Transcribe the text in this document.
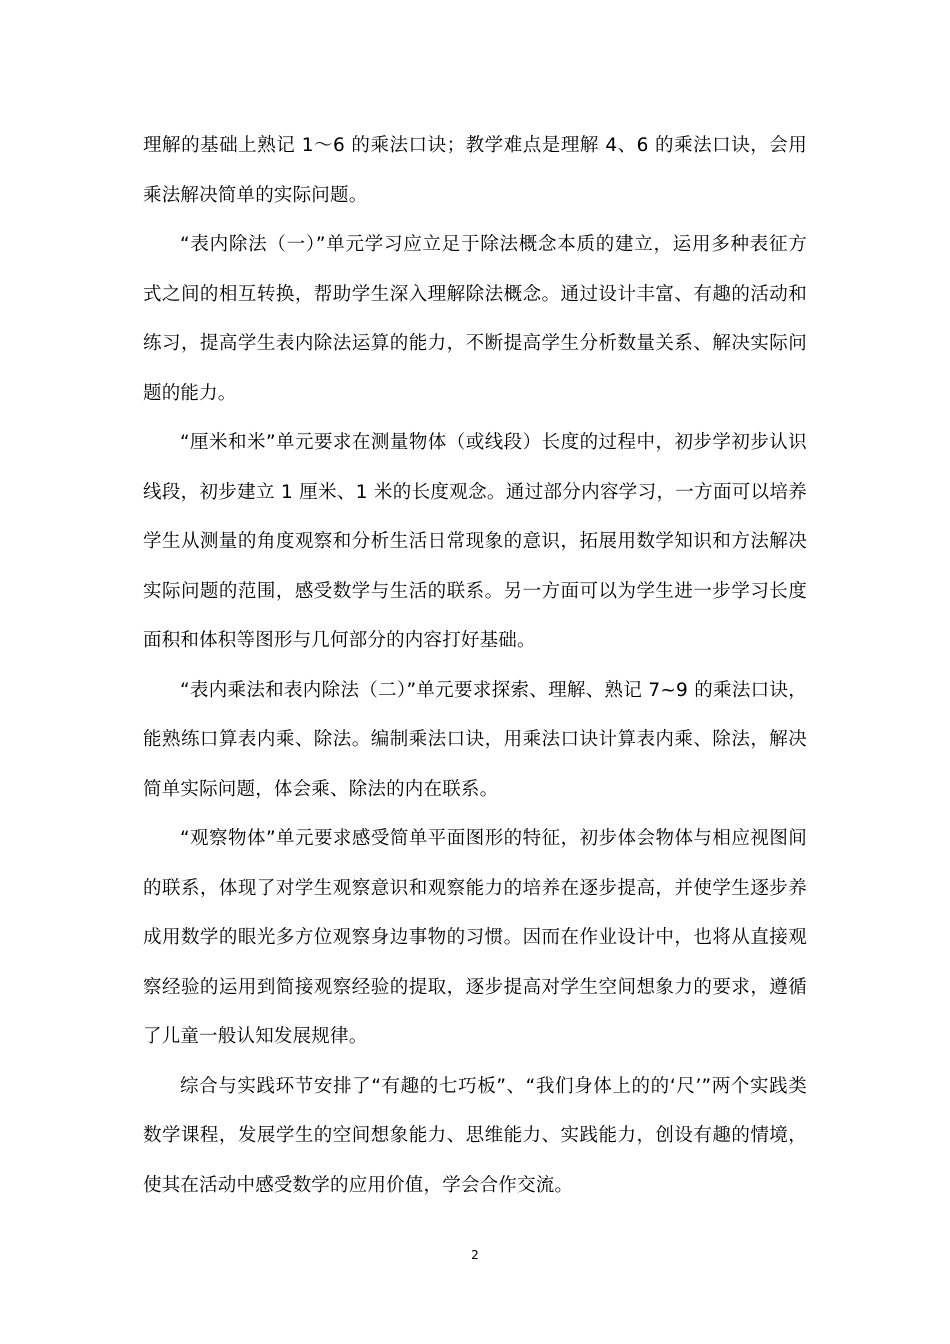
理解的基础上熟记 1～6 的乘法口诀；教学难点是理解 4、6 的乘法口诀，会用乘法解决简单的实际问题。

“表内除法（一）”单元学习应立足于除法概念本质的建立，运用多种表征方式之间的相互转换，帮助学生深入理解除法概念。通过设计丰富、有趣的活动和练习，提高学生表内除法运算的能力，不断提高学生分析数量关系、解决实际问题的能力。

“厘米和米”单元要求在测量物体（或线段）长度的过程中，初步学初步认识线段，初步建立 1 厘米、1 米的长度观念。通过部分内容学习，一方面可以培养学生从测量的角度观察和分析生活日常现象的意识，拓展用数学知识和方法解决实际问题的范围，感受数学与生活的联系。另一方面可以为学生进一步学习长度面积和体积等图形与几何部分的内容打好基础。

“表内乘法和表内除法（二）”单元要求探索、理解、熟记 7~9 的乘法口诀，能熟练口算表内乘、除法。编制乘法口诀，用乘法口诀计算表内乘、除法，解决简单实际问题，体会乘、除法的内在联系。

“观察物体”单元要求感受简单平面图形的特征，初步体会物体与相应视图间的联系，体现了对学生观察意识和观察能力的培养在逐步提高，并使学生逐步养成用数学的眼光多方位观察身边事物的习惯。因而在作业设计中，也将从直接观察经验的运用到简接观察经验的提取，逐步提高对学生空间想象力的要求，遵循了儿童一般认知发展规律。

综合与实践环节安排了“有趣的七巧板”、“我们身体上的的‘尺’”两个实践类数学课程，发展学生的空间想象能力、思维能力、实践能力，创设有趣的情境，使其在活动中感受数学的应用价值，学会合作交流。

2
